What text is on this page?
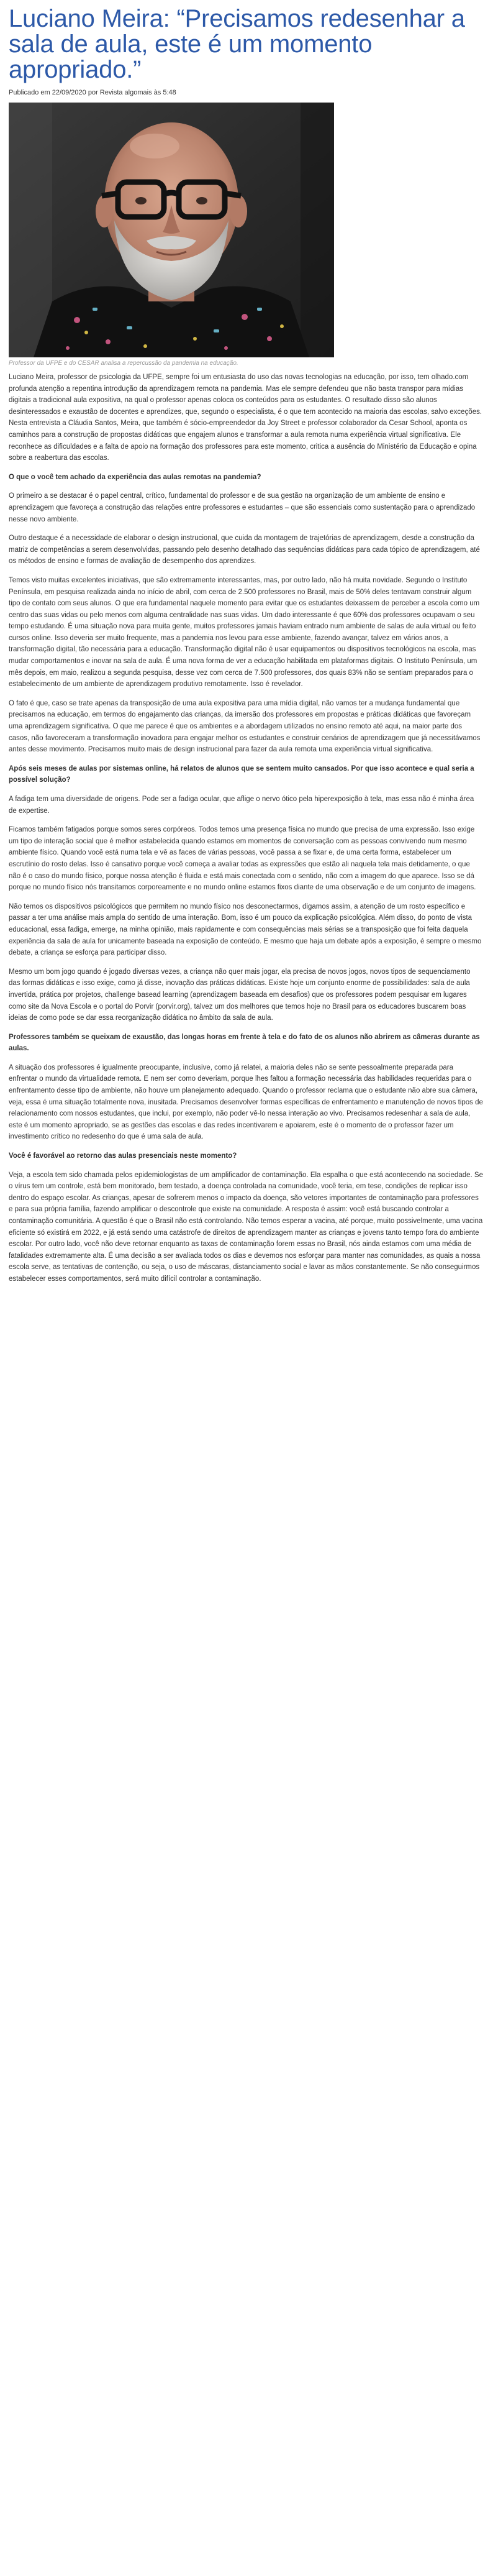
Luciano Meira: “Precisamos redesenhar a sala de aula, este é um momento apropriado.”
Publicado em 22/09/2020 por Revista algomais às 5:48
Professor da UFPE e do CESAR analisa a repercussão da pandemia na educação.

Luciano Meira, professor de psicologia da UFPE, sempre foi um entusiasta do uso das novas tecnologias na educação, por isso, tem olhado.com profunda atenção a repentina introdução da aprendizagem remota na pandemia. Mas ele sempre defendeu que não basta transpor para mídias digitais a tradicional aula expositiva, na qual o professor apenas coloca os conteúdos para os estudantes. O resultado disso são alunos desinteressados e exaustão de docentes e aprendizes, que, segundo o especialista, é o que tem acontecido na maioria das escolas, salvo exceções. Nesta entrevista a Cláudia Santos, Meira, que também é sócio-empreendedor da Joy Street e professor colaborador da Cesar School, aponta os caminhos para a construção de propostas didáticas que engajem alunos e transformar a aula remota numa experiência virtual significativa. Ele reconhece as dificuldades e a falta de apoio na formação dos professores para este momento, critica a ausência do Ministério da Educação e opina sobre a reabertura das escolas.

O que o você tem achado da experiência das aulas remotas na pandemia?

O primeiro a se destacar é o papel central, crítico, fundamental do professor e de sua gestão na organização de um ambiente de ensino e aprendizagem que favoreça a construção das relações entre professores e estudantes – que são essenciais como sustentação para o aprendizado nesse novo ambiente.

Outro destaque é a necessidade de elaborar o design instrucional, que cuida da montagem de trajetórias de aprendizagem, desde a construção da matriz de competências a serem desenvolvidas, passando pelo desenho detalhado das sequências didáticas para cada tópico de aprendizagem, até os métodos de ensino e formas de avaliação de desempenho dos aprendizes.

Temos visto muitas excelentes iniciativas, que são extremamente interessantes, mas, por outro lado, não há muita novidade. Segundo o Instituto Península, em pesquisa realizada ainda no início de abril, com cerca de 2.500 professores no Brasil, mais de 50% deles tentavam construir algum tipo de contato com seus alunos. O que era fundamental naquele momento para evitar que os estudantes deixassem de perceber a escola como um centro das suas vidas ou pelo menos com alguma centralidade nas suas vidas. Um dado interessante é que 60% dos professores ocupavam o seu tempo estudando. É uma situação nova para muita gente, muitos professores jamais haviam entrado num ambiente de salas de aula virtual ou feito cursos online. Isso deveria ser muito frequente, mas a pandemia nos levou para esse ambiente, fazendo avançar, talvez em vários anos, a transformação digital, tão necessária para a educação. Transformação digital não é usar equipamentos ou dispositivos tecnológicos na escola, mas mudar comportamentos e inovar na sala de aula. É uma nova forma de ver a educação habilitada em plataformas digitais. O Instituto Península, um mês depois, em maio, realizou a segunda pesquisa, desse vez com cerca de 7.500 professores, dos quais 83% não se sentiam preparados para o estabelecimento de um ambiente de aprendizagem produtivo remotamente. Isso é revelador.

O fato é que, caso se trate apenas da transposição de uma aula expositiva para uma mídia digital, não vamos ter a mudança fundamental que precisamos na educação, em termos do engajamento das crianças, da imersão dos professores em propostas e práticas didáticas que favoreçam uma aprendizagem significativa. O que me parece é que os ambientes e a abordagem utilizados no ensino remoto até aqui, na maior parte dos casos, não favoreceram a transformação inovadora para engajar melhor os estudantes e construir cenários de aprendizagem que já necessitávamos antes desse movimento. Precisamos muito mais de design instrucional para fazer da aula remota uma experiência virtual significativa.

Após seis meses de aulas por sistemas online, há relatos de alunos que se sentem muito cansados. Por que isso acontece e qual seria a possível solução?

A fadiga tem uma diversidade de origens. Pode ser a fadiga ocular, que aflige o nervo ótico pela hiperexposição à tela, mas essa não é minha área de expertise.

Ficamos também fatigados porque somos seres corpóreos. Todos temos uma presença física no mundo que precisa de uma expressão. Isso exige um tipo de interação social que é melhor estabelecida quando estamos em momentos de conversação com as pessoas convivendo num mesmo ambiente físico. Quando você está numa tela e vê as faces de várias pessoas, você passa a se fixar e, de uma certa forma, estabelecer um escrutínio do rosto delas. Isso é cansativo porque você começa a avaliar todas as expressões que estão ali naquela tela mais detidamente, o que não é o caso do mundo físico, porque nossa atenção é fluida e está mais conectada com o sentido, não com a imagem do que aparece. Isso se dá porque no mundo físico nós transitamos corporeamente e no mundo online estamos fixos diante de uma observação e de um conjunto de imagens.

Não temos os dispositivos psicológicos que permitem no mundo físico nos desconectarmos, digamos assim, a atenção de um rosto específico e passar a ter uma análise mais ampla do sentido de uma interação. Bom, isso é um pouco da explicação psicológica. Além disso, do ponto de vista educacional, essa fadiga, emerge, na minha opinião, mais rapidamente e com consequências mais sérias se a transposição que foi feita daquela experiência da sala de aula for unicamente baseada na exposição de conteúdo. E mesmo que haja um debate após a exposição, é sempre o mesmo debate, a criança se esforça para participar disso.

Mesmo um bom jogo quando é jogado diversas vezes, a criança não quer mais jogar, ela precisa de novos jogos, novos tipos de sequenciamento das formas didáticas e isso exige, como já disse, inovação das práticas didáticas. Existe hoje um conjunto enorme de possibilidades: sala de aula invertida, prática por projetos, challenge basead learning (aprendizagem baseada em desafios) que os professores podem pesquisar em lugares como site da Nova Escola e o portal do Porvir (porvir.org), talvez um dos melhores que temos hoje no Brasil para os educadores buscarem boas ideias de como pode se dar essa reorganização didática no âmbito da sala de aula.

Professores também se queixam de exaustão, das longas horas em frente à tela e do fato de os alunos não abrirem as câmeras durante as aulas.

A situação dos professores é igualmente preocupante, inclusive, como já relatei, a maioria deles não se sente pessoalmente preparada para enfrentar o mundo da virtualidade remota. E nem ser como deveriam, porque lhes faltou a formação necessária das habilidades requeridas para o enfrentamento desse tipo de ambiente, não houve um planejamento adequado. Quando o professor reclama que o estudante não abre sua câmera, veja, essa é uma situação totalmente nova, inusitada. Precisamos desenvolver formas específicas de enfrentamento e manutenção de novos tipos de relacionamento com nossos estudantes, que inclui, por exemplo, não poder vê-lo nessa interação ao vivo. Precisamos redesenhar a sala de aula, este é um momento apropriado, se as gestões das escolas e das redes incentivarem e apoiarem, este é o momento de o professor fazer um investimento crítico no redesenho do que é uma sala de aula.

Você é favorável ao retorno das aulas presenciais neste momento?

Veja, a escola tem sido chamada pelos epidemiologistas de um amplificador de contaminação. Ela espalha o que está acontecendo na sociedade. Se o vírus tem um controle, está bem monitorado, bem testado, a doença controlada na comunidade, você teria, em tese, condições de replicar isso dentro do espaço escolar. As crianças, apesar de sofrerem menos o impacto da doença, são vetores importantes de contaminação para professores e para sua própria família, fazendo amplificar o descontrole que existe na comunidade. A resposta é assim: você está buscando controlar a contaminação comunitária. A questão é que o Brasil não está controlando. Não temos esperar a vacina, até porque, muito possivelmente, uma vacina eficiente só existirá em 2022, e já está sendo uma catástrofe de direitos de aprendizagem manter as crianças e jovens tanto tempo fora do ambiente escolar. Por outro lado, você não deve retornar enquanto as taxas de contaminação forem essas no Brasil, nós ainda estamos com uma média de fatalidades extremamente alta. É uma decisão a ser avaliada todos os dias e devemos nos esforçar para manter nas comunidades, as quais a nossa escola serve, as tentativas de contenção, ou seja, o uso de máscaras, distanciamento social e lavar as mãos constantemente. Se não conseguirmos estabelecer esses comportamentos, será muito difícil controlar a contaminação.
